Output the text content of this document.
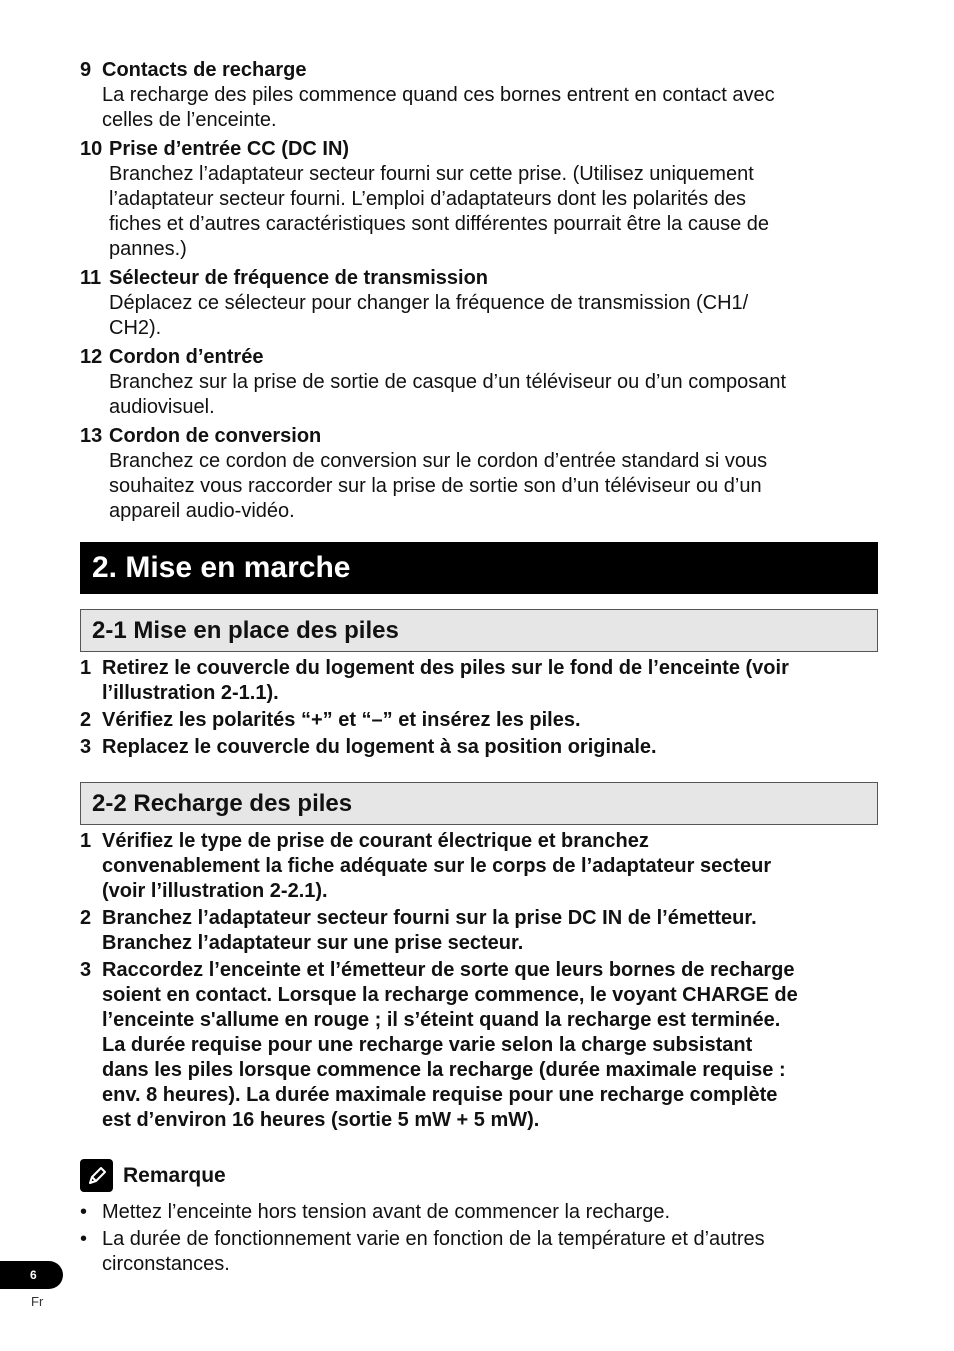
9 Contacts de recharge
La recharge des piles commence quand ces bornes entrent en contact avec
celles de l’enceinte.
10 Prise d’entrée CC (DC IN)
Branchez l’adaptateur secteur fourni sur cette prise. (Utilisez uniquement
l’adaptateur secteur fourni. L’emploi d’adaptateurs dont les polarités des
fiches et d’autres caractéristiques sont différentes pourrait être la cause de
pannes.)
11 Sélecteur de fréquence de transmission
Déplacez ce sélecteur pour changer la fréquence de transmission (CH1/
CH2).
12 Cordon d’entrée
Branchez sur la prise de sortie de casque d’un téléviseur ou d’un composant
audiovisuel.
13 Cordon de conversion
Branchez ce cordon de conversion sur le cordon d’entrée standard si vous
souhaitez vous raccorder sur la prise de sortie son d’un téléviseur ou d’un
appareil audio-vidéo.
2. Mise en marche
2-1 Mise en place des piles
1 Retirez le couvercle du logement des piles sur le fond de l’enceinte (voir
l’illustration 2-1.1).
2 Vérifiez les polarités “+” et “–” et insérez les piles.
3 Replacez le couvercle du logement à sa position originale.
2-2 Recharge des piles
1 Vérifiez le type de prise de courant électrique et branchez
convenablement la fiche adéquate sur le corps de l’adaptateur secteur
(voir l’illustration 2-2.1).
2 Branchez l’adaptateur secteur fourni sur la prise DC IN de l’émetteur.
Branchez l’adaptateur sur une prise secteur.
3 Raccordez l’enceinte et l’émetteur de sorte que leurs bornes de recharge
soient en contact. Lorsque la recharge commence, le voyant CHARGE de
l’enceinte s'allume en rouge ; il s’éteint quand la recharge est terminée.
La durée requise pour une recharge varie selon la charge subsistant
dans les piles lorsque commence la recharge (durée maximale requise :
env. 8 heures). La durée maximale requise pour une recharge complète
est d’environ 16 heures (sortie 5 mW + 5 mW).
Remarque
• Mettez l’enceinte hors tension avant de commencer la recharge.
• La durée de fonctionnement varie en fonction de la température et d’autres
circonstances.
6
Fr
